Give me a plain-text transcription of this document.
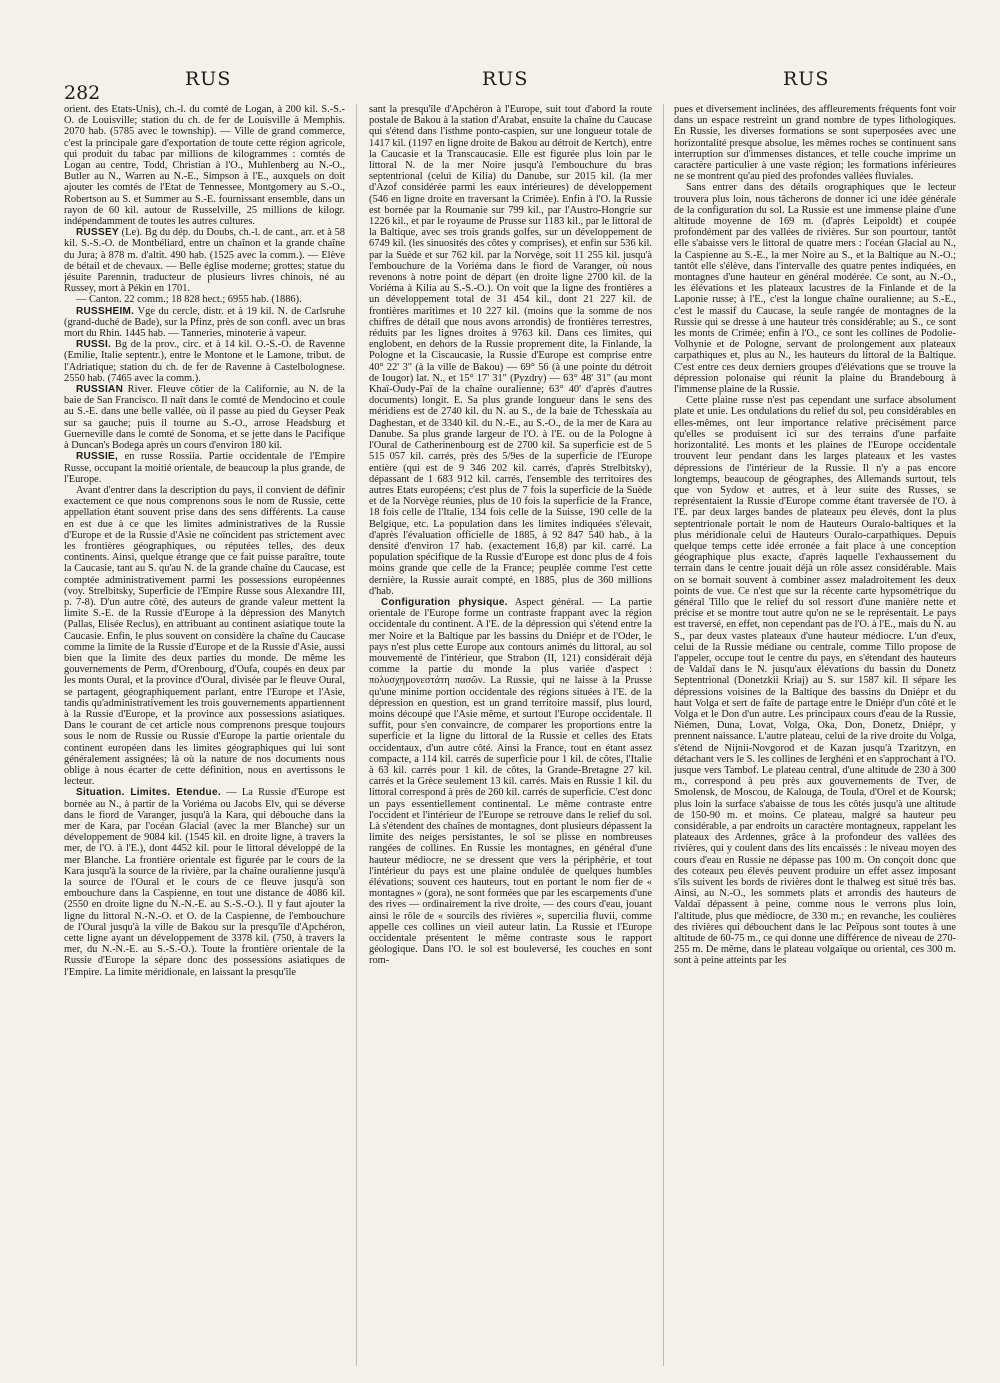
282
RUS	RUS	RUS

orient. des Etats-Unis), ch.-l. du comté de Logan, à 200 kil. S.-S.-O. de Louisville; station du ch. de fer de Louisville à Memphis. 2070 hab. (5785 avec le township). — Ville de grand commerce, c'est la principale gare d'exportation de toute cette région agricole, qui produit du tabac par millions de kilogrammes : comtés de Logan au centre, Todd, Christian à l'O., Muhlenberg au N.-O., Butler au N., Warren au N.-E., Simpson à l'E., auxquels on doit ajouter les comtés de l'Etat de Tennessee, Montgomery au S.-O., Robertson au S. et Summer au S.-E. fournissant ensemble, dans un rayon de 60 kil. autour de Russelville, 25 millions de kilogr. indépendamment de toutes les autres cultures.

RUSSEY (Le). Bg du dép. du Doubs, ch.-l. de cant., arr. et à 58 kil. S.-S.-O. de Montbéliard, entre un chaînon et la grande chaîne du Jura; à 878 m. d'altit. 490 hab. (1525 avec la comm.). — Elève de bétail et de chevaux. — Belle église moderne; grottes; statue du jésuite Parennin, traducteur de plusieurs livres chinois, né au Russey, mort à Pékin en 1701.

— Canton. 22 comm.; 18 828 hect.; 6955 hab. (1886).

RUSSHEIM. Vge du cercle, distr. et à 19 kil. N. de Carlsruhe (grand-duché de Bade), sur la Pfinz, près de son confl. avec un bras mort du Rhin. 1445 hab. — Tanneries, minoterie à vapeur.

RUSSI. Bg de la prov., circ. et à 14 kil. O.-S.-O. de Ravenne (Emilie, Italie septentr.), entre le Montone et le Lamone, tribut. de l'Adriatique; station du ch. de fer de Ravenne à Castelbolognese. 2550 hab. (7465 avec la comm.).

RUSSIAN River. Fleuve côtier de la Californie, au N. de la baie de San Francisco. Il naît dans le comté de Mendocino et coule au S.-E. dans une belle vallée, où il passe au pied du Geyser Peak sur sa gauche; puis il tourne au S.-O., arrose Headsburg et Guerneville dans le comté de Sonoma, et se jette dans le Pacifique à Duncan's Bodega après un cours d'environ 180 kil.

RUSSIE, en russe Rossiia. Partie occidentale de l'Empire Russe, occupant la moitié orientale, de beaucoup la plus grande, de l'Europe.

Avant d'entrer dans la description du pays, il convient de définir exactement ce que nous comprenons sous le nom de Russie, cette appellation étant souvent prise dans des sens différents. La cause en est due à ce que les limites administratives de la Russie d'Europe et de la Russie d'Asie ne coïncident pas strictement avec les frontières géographiques, ou réputées telles, des deux continents. Ainsi, quelque étrange que ce fait puisse paraître, toute la Caucasie, tant au S. qu'au N. de la grande chaîne du Caucase, est comptée administrativement parmi les possessions européennes (voy. Strelbitsky, Superficie de l'Empire Russe sous Alexandre III, p. 7-8). D'un autre côté, des auteurs de grande valeur mettent la limite S.-E. de la Russie d'Europe à la dépression des Manytch (Pallas, Elisée Reclus), en attribuant au continent asiatique toute la Caucasie. Enfin, le plus souvent on considère la chaîne du Caucase comme la limite de la Russie d'Europe et de la Russie d'Asie, aussi bien que la limite des deux parties du monde. De même les gouvernements de Perm, d'Orenbourg, d'Oufa, coupés en deux par les monts Oural, et la province d'Oural, divisée par le fleuve Oural, se partagent, géographiquement parlant, entre l'Europe et l'Asie, tandis qu'administrativement les trois gouvernements appartiennent à la Russie d'Europe, et la province aux possessions asiatiques. Dans le courant de cet article nous comprenons presque toujours sous le nom de Russie ou Russie d'Europe la partie orientale du continent européen dans les limites géographiques qui lui sont généralement assignées; là où la nature de nos documents nous oblige à nous écarter de cette définition, nous en avertissons le lecteur.

Situation. Limites. Etendue. — La Russie d'Europe est bornée au N., à partir de la Voriéma ou Jacobs Elv, qui se déverse dans le fiord de Varanger, jusqu'à la Kara, qui débouche dans la mer de Kara, par l'océan Glacial (avec la mer Blanche) sur un développement de 9084 kil. (1545 kil. en droite ligne, à travers la mer, de l'O. à l'E.), dont 4452 kil. pour le littoral développé de la mer Blanche. La frontière orientale est figurée par le cours de la Kara jusqu'à la source de la rivière, par la chaîne ouralienne jusqu'à la source de l'Oural et le cours de ce fleuve jusqu'à son embouchure dans la Caspienne, en tout une distance de 4086 kil. (2550 en droite ligne du N.-N.-E. au S.-S.-O.). Il y faut ajouter la ligne du littoral N.-N.-O. et O. de la Caspienne, de l'embouchure de l'Oural jusqu'à la ville de Bakou sur la presqu'île d'Apchéron, cette ligne ayant un développement de 3378 kil. (750, à travers la mer, du N.-N.-E. au S.-S.-O.). Toute la frontière orientale de la Russie d'Europe la sépare donc des possessions asiatiques de l'Empire. La limite méridionale, en laissant la presqu'île

sant la presqu'île d'Apchéron à l'Europe, suit tout d'abord la route postale de Bakou à la station d'Arabat, ensuite la chaîne du Caucase qui s'étend dans l'isthme ponto-caspien, sur une longueur totale de 1417 kil. (1197 en ligne droite de Bakou au détroit de Kertch), entre la Caucasie et la Transcaucasie. Elle est figurée plus loin par le littoral N. de la mer Noire jusqu'à l'embouchure du bras septentrional (celui de Kilia) du Danube, sur 2015 kil. (la mer d'Azof considérée parmi les eaux intérieures) de développement (546 en ligne droite en traversant la Crimée). Enfin à l'O. la Russie est bornée par la Roumanie sur 799 kil., par l'Austro-Hongrie sur 1226 kil., et par le royaume de Prusse sur 1183 kil., par le littoral de la Baltique, avec ses trois grands golfes, sur un développement de 6749 kil. (les sinuosités des côtes y comprises), et enfin sur 536 kil. par la Suède et sur 762 kil. par la Norvège, soit 11 255 kil. jusqu'à l'embouchure de la Voriéma dans le fiord de Varanger, où nous revenons à notre point de départ (en droite ligne 2700 kil. de la Voriéma à Kilia au S.-S.-O.). On voit que la ligne des frontières a un développement total de 31 454 kil., dont 21 227 kil. de frontières maritimes et 10 227 kil. (moins que la somme de nos chiffres de détail que nous avons arrondis) de frontières terrestres, réduits par les lignes droites à 9763 kil. Dans ces limites, qui englobent, en dehors de la Russie proprement dite, la Finlande, la Pologne et la Ciscaucasie, la Russie d'Europe est comprise entre 40° 22' 3" (à la ville de Bakou) — 69° 56 (à une pointe du détroit de Iougor) lat. N., et 15° 17' 31" (Pyzdry) — 63° 48' 31" (au mont Khaï-Oudy-Paï de la chaîne ouralienne; 63° 40' d'après d'autres documents) longit. E. Sa plus grande longueur dans le sens des méridiens est de 2740 kil. du N. au S., de la baie de Tchesskaïa au Daghestan, et de 3340 kil. du N.-E., au S.-O., de la mer de Kara au Danube. Sa plus grande largeur de l'O. à l'E. ou de la Pologne à l'Oural de Catherinenbourg est de 2700 kil. Sa superficie est de 5 515 057 kil. carrés, près des 5/9es de la superficie de l'Europe entière (qui est de 9 346 202 kil. carrés, d'après Strelbitsky), dépassant de 1 683 912 kil. carrés, l'ensemble des territoires des autres Etats européens; c'est plus de 7 fois la superficie de la Suède et de la Norvège réunies, plus de 10 fois la superficie de la France, 18 fois celle de l'Italie, 134 fois celle de la Suisse, 190 celle de la Belgique, etc. La population dans les limites indiquées s'élevait, d'après l'évaluation officielle de 1885, à 92 847 540 hab., à la densité d'environ 17 hab. (exactement 16,8) par kil. carré. La population spécifique de la Russie d'Europe est donc plus de 4 fois moins grande que celle de la France; peuplée comme l'est cette dernière, la Russie aurait compté, en 1885, plus de 360 millions d'hab.

Configuration physique. Aspect général. — La partie orientale de l'Europe forme un contraste frappant avec la région occidentale du continent. A l'E. de la dépression qui s'étend entre la mer Noire et la Baltique par les bassins du Dniépr et de l'Oder, le pays n'est plus cette Europe aux contours animés du littoral, au sol mouvementé de l'intérieur, que Strabon (II, 121) considérait déjà comme la partie du monde la plus variée d'aspect : πολυσχημονεστάτη πασῶν. La Russie, qui ne laisse à la Prusse qu'une minime portion occidentale des régions situées à l'E. de la dépression en question, est un grand territoire massif, plus lourd, moins découpé que l'Asie même, et surtout l'Europe occidentale. Il suffit, pour s'en convaincre, de comparer les proportions entre la superficie et la ligne du littoral de la Russie et celles des Etats occidentaux, d'un autre côté. Ainsi la France, tout en étant assez compacte, a 114 kil. carrés de superficie pour 1 kil. de côtes, l'Italie à 63 kil. carrés pour 1 kil. de côtes, la Grande-Bretagne 27 kil. carrés et la Grèce seulement 13 kil. carrés. Mais en Russie 1 kil. du littoral correspond à près de 260 kil. carrés de superficie. C'est donc un pays essentiellement continental. Le même contraste entre l'occident et l'intérieur de l'Europe se retrouve dans le relief du sol. Là s'étendent des chaînes de montagnes, dont plusieurs dépassent la limite des neiges persistantes, le sol se plisse en nombreuses rangées de collines. En Russie les montagnes, en général d'une hauteur médiocre, ne se dressent que vers la périphérie, et tout l'intérieur du pays est une plaine ondulée de quelques humbles élévations; souvent ces hauteurs, tout en portant le nom fier de « montagnes » (gora), ne sont formées que par les escarpements d'une des rives — ordinairement la rive droite, — des cours d'eau, jouant ainsi le rôle de « sourcils des rivières », supercilia fluvii, comme appelle ces collines un vieil auteur latin. La Russie et l'Europe occidentale présentent le même contraste sous le rapport géologique. Dans l'O. le sol est bouleversé, les couches en sont rom-

pues et diversement inclinées, des affleurements fréquents font voir dans un espace restreint un grand nombre de types lithologiques. En Russie, les diverses formations se sont superposées avec une horizontalité presque absolue, les mêmes roches se continuent sans interruption sur d'immenses distances, et telle couche imprime un caractère particulier à une vaste région; les formations inférieures ne se montrent qu'au pied des profondes vallées fluviales.

Sans entrer dans des détails orographiques que le lecteur trouvera plus loin, nous tâcherons de donner ici une idée générale de la configuration du sol. La Russie est une immense plaine d'une altitude moyenne de 169 m. (d'après Leipoldt) et coupée profondément par des vallées de rivières. Sur son pourtour, tantôt elle s'abaisse vers le littoral de quatre mers : l'océan Glacial au N., la Caspienne au S.-E., la mer Noire au S., et la Baltique au N.-O.; tantôt elle s'élève, dans l'intervalle des quatre pentes indiquées, en montagnes d'une hauteur en général modérée. Ce sont, au N.-O., les élévations et les plateaux lacustres de la Finlande et de la Laponie russe; à l'E., c'est la longue chaîne ouralienne; au S.-E., c'est le massif du Caucase, la seule rangée de montagnes de la Russie qui se dresse à une hauteur très considérable; au S., ce sont les monts de Crimée; enfin à l'O., ce sont les collines de Podolie-Volhynie et de Pologne, servant de prolongement aux plateaux carpathiques et, plus au N., les hauteurs du littoral de la Baltique. C'est entre ces deux derniers groupes d'élévations que se trouve la dépression polonaise qui réunit la plaine du Brandebourg à l'immense plaine de la Russie.

Cette plaine russe n'est pas cependant une surface absolument plate et unie. Les ondulations du relief du sol, peu considérables en elles-mêmes, ont leur importance relative précisément parce qu'elles se produisent ici sur des terrains d'une parfaite horizontalité. Les monts et les plaines de l'Europe occidentale trouvent leur pendant dans les larges plateaux et les vastes dépressions de l'intérieur de la Russie. Il n'y a pas encore longtemps, beaucoup de géographes, des Allemands surtout, tels que von Sydow et autres, et à leur suite des Russes, se représentaient la Russie d'Europe comme étant traversée de l'O. à l'E. par deux larges bandes de plateaux peu élevés, dont la plus septentrionale portait le nom de Hauteurs Ouralo-baltiques et la plus méridionale celui de Hauteurs Ouralo-carpathiques. Depuis quelque temps cette idée erronée a fait place à une conception géographique plus exacte, d'après laquelle l'exhaussement du terrain dans le centre jouait déjà un rôle assez considérable. Mais on se bornait souvent à combiner assez maladroitement les deux points de vue. Ce n'est que sur la récente carte hypsométrique du général Tillo que le relief du sol ressort d'une manière nette et précise et se montre tout autre qu'on ne se le représentait. Le pays est traversé, en effet, non cependant pas de l'O. à l'E., mais du N. au S., par deux vastes plateaux d'une hauteur médiocre. L'un d'eux, celui de la Russie médiane ou centrale, comme Tillo propose de l'appeler, occupe tout le centre du pays, en s'étendant des hauteurs de Valdaï dans le N. jusqu'aux élévations du bassin du Donetz Septentrional (Donetzkii Kriaj) au S. sur 1587 kil. Il sépare les dépressions voisines de la Baltique des bassins du Dniépr et du haut Volga et sert de faîte de partage entre le Dniépr d'un côté et le Volga et le Don d'un autre. Les principaux cours d'eau de la Russie, Niémen, Duna, Lovat, Volga, Oka, Don, Donetz, Dniépr, y prennent naissance. L'autre plateau, celui de la rive droite du Volga, s'étend de Nijnii-Novgorod et de Kazan jusqu'à Tzaritzyn, en détachant vers le S. les collines de Ierghéni et en s'approchant à l'O. jusque vers Tambof. Le plateau central, d'une altitude de 230 à 300 m., correspond à peu près aux gouvernements de Tver, de Smolensk, de Moscou, de Kalouga, de Toula, d'Orel et de Koursk; plus loin la surface s'abaisse de tous les côtés jusqu'à une altitude de 150-90 m. et moins. Ce plateau, malgré sa hauteur peu considérable, a par endroits un caractère montagneux, rappelant les plateaux des Ardennes, grâce à la profondeur des vallées des rivières, qui y coulent dans des lits encaissés : le niveau moyen des cours d'eau en Russie ne dépasse pas 100 m. On conçoit donc que des coteaux peu élevés peuvent produire un effet assez imposant s'ils suivent les bords de rivières dont le thalweg est situé très bas. Ainsi, au N.-O., les sommets plats et arrondis des hauteurs de Valdaï dépassent à peine, comme nous le verrons plus loin, l'altitude, plus que médiocre, de 330 m.; en revanche, les coulières des rivières qui débouchent dans le lac Peïpous sont toutes à une altitude de 60-75 m., ce qui donne une différence de niveau de 270-255 m. De même, dans le plateau volgaïque ou oriental, ces 300 m. sont à peine atteints par les
